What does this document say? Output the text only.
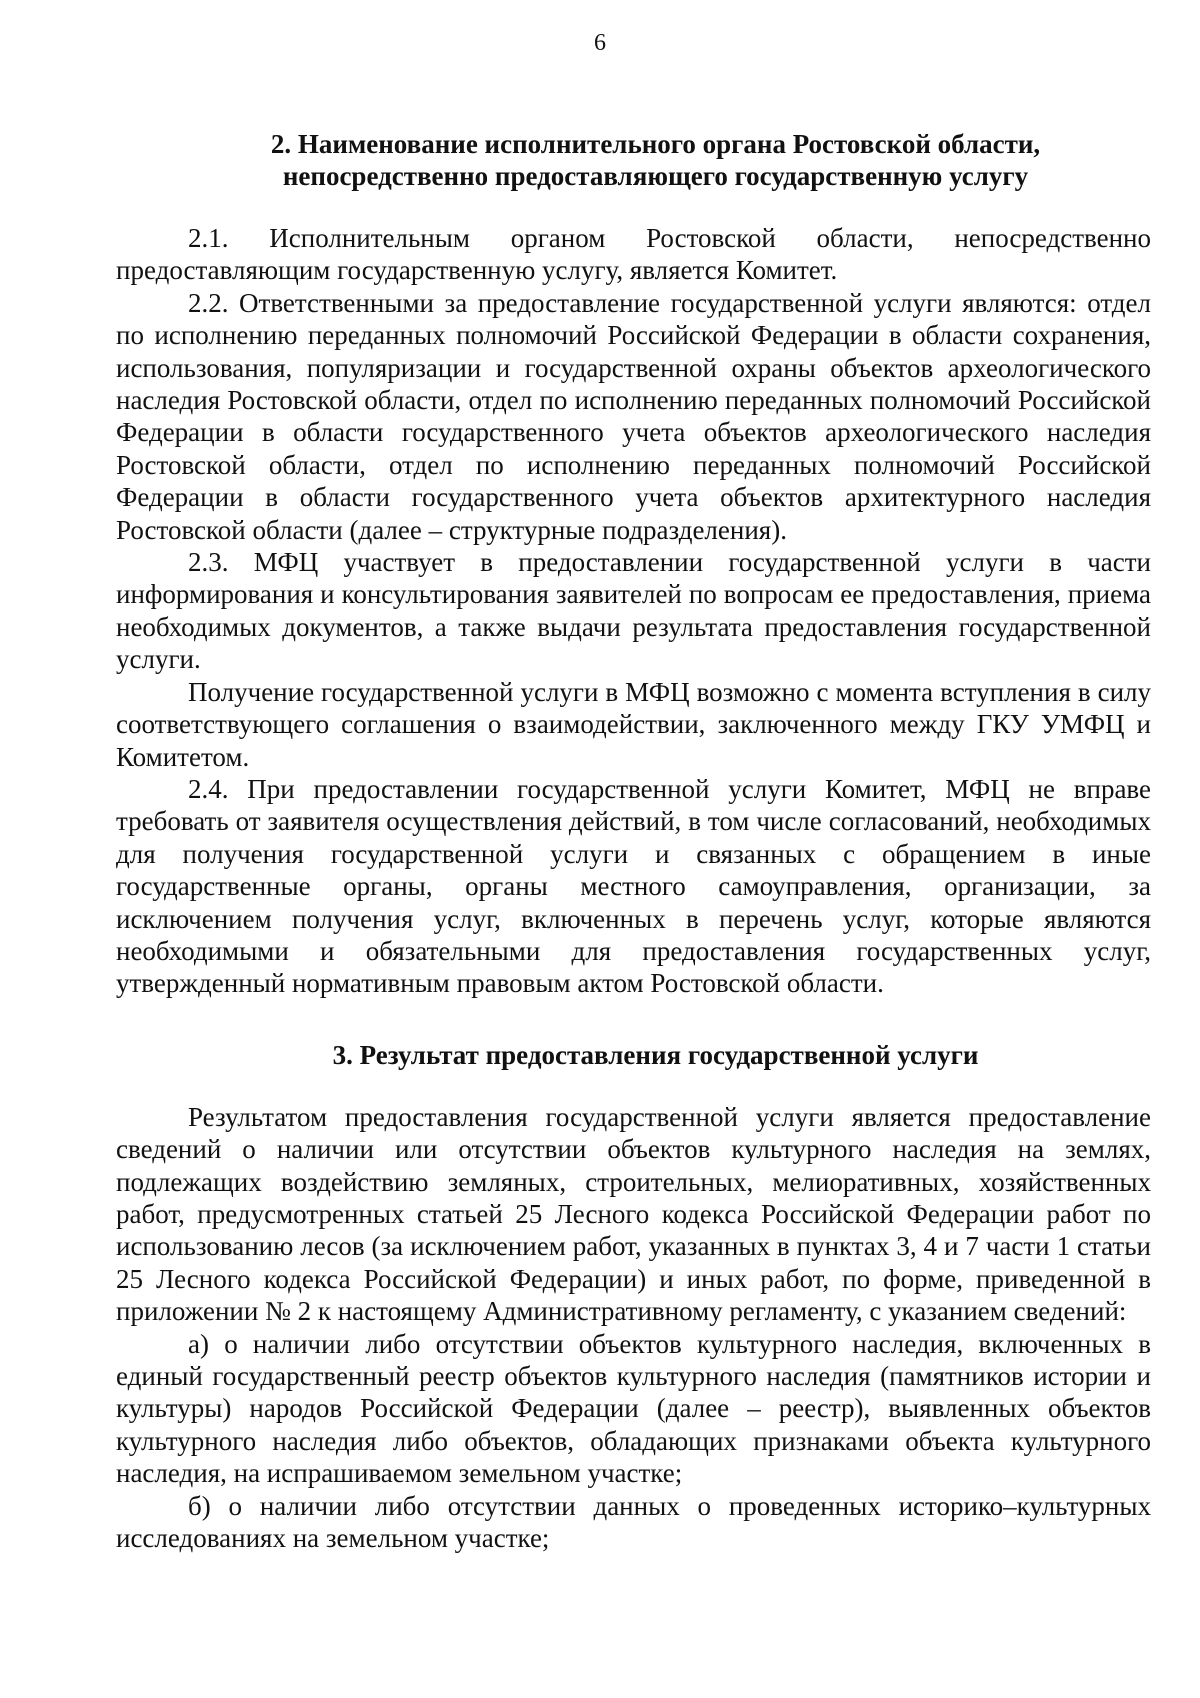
6
2. Наименование исполнительного органа Ростовской области,
непосредственно предоставляющего государственную услугу

2.1. Исполнительным органом Ростовской области, непосредственно предоставляющим государственную услугу, является Комитет.

2.2. Ответственными за предоставление государственной услуги являются: отдел по исполнению переданных полномочий Российской Федерации в области сохранения, использования, популяризации и государственной охраны объектов археологического наследия Ростовской области, отдел по исполнению переданных полномочий Российской Федерации в области государственного учета объектов археологического наследия Ростовской области, отдел по исполнению переданных полномочий Российской Федерации в области государственного учета объектов архитектурного наследия Ростовской области (далее – структурные подразделения).

2.3. МФЦ участвует в предоставлении государственной услуги в части информирования и консультирования заявителей по вопросам ее предоставления, приема необходимых документов, а также выдачи результата предоставления государственной услуги.

Получение государственной услуги в МФЦ возможно с момента вступления в силу соответствующего соглашения о взаимодействии, заключенного между ГКУ УМФЦ и Комитетом.

2.4. При предоставлении государственной услуги Комитет, МФЦ не вправе требовать от заявителя осуществления действий, в том числе согласований, необходимых для получения государственной услуги и связанных с обращением в иные государственные органы, органы местного самоуправления, организации, за исключением получения услуг, включенных в перечень услуг, которые являются необходимыми и обязательными для предоставления государственных услуг, утвержденный нормативным правовым актом Ростовской области.

3. Результат предоставления государственной услуги

Результатом предоставления государственной услуги является предоставление сведений о наличии или отсутствии объектов культурного наследия на землях, подлежащих воздействию земляных, строительных, мелиоративных, хозяйственных работ, предусмотренных статьей 25 Лесного кодекса Российской Федерации работ по использованию лесов (за исключением работ, указанных в пунктах 3, 4 и 7 части 1 статьи 25 Лесного кодекса Российской Федерации) и иных работ, по форме, приведенной в приложении № 2 к настоящему Административному регламенту, с указанием сведений:

а) о наличии либо отсутствии объектов культурного наследия, включенных в единый государственный реестр объектов культурного наследия (памятников истории и культуры) народов Российской Федерации (далее – реестр), выявленных объектов культурного наследия либо объектов, обладающих признаками объекта культурного наследия, на испрашиваемом земельном участке;

б) о наличии либо отсутствии данных о проведенных историко–культурных исследованиях на земельном участке;
